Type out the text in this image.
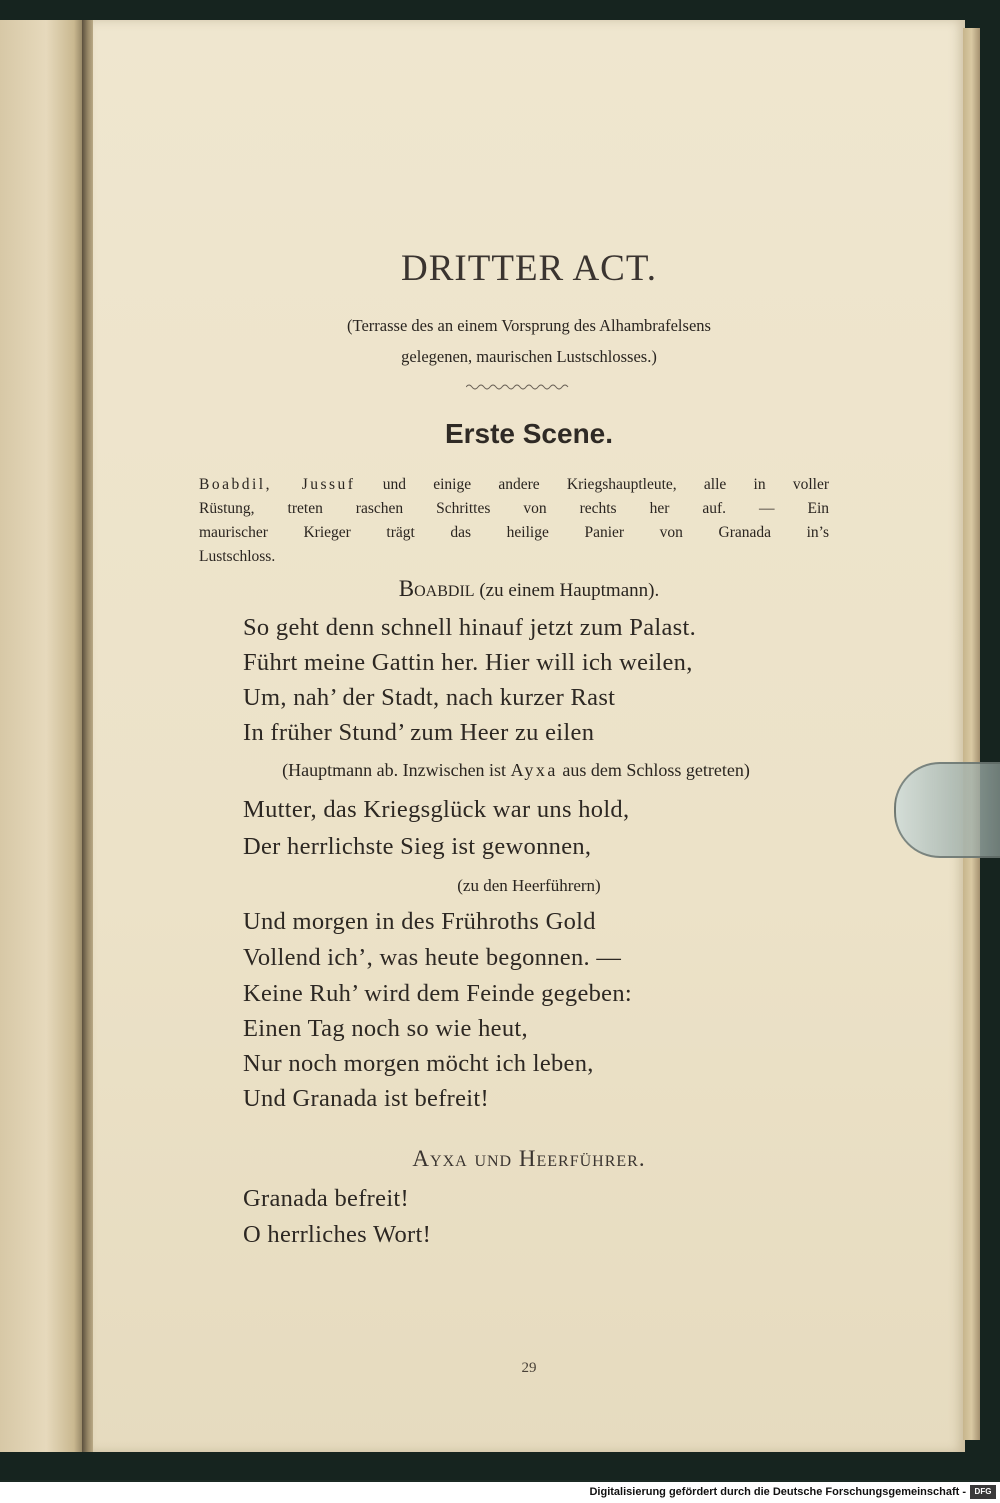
DRITTER ACT.
(Terrasse des an einem Vorsprung des Alhambrafelsens
gelegenen, maurischen Lustschlosses.)
Erste Scene.
Boabdil, Jussuf und einige andere Kriegshauptleute, alle in voller
Rüstung, treten raschen Schrittes von rechts her auf. — Ein
maurischer Krieger trägt das heilige Panier von Granada in’s
Lustschloss.
Boabdil (zu einem Hauptmann).
So geht denn schnell hinauf jetzt zum Palast.
Führt meine Gattin her. Hier will ich weilen,
Um, nah’ der Stadt, nach kurzer Rast
In früher Stund’ zum Heer zu eilen
(Hauptmann ab. Inzwischen ist Ayxa aus dem Schloss getreten)
Mutter, das Kriegsglück war uns hold,
Der herrlichste Sieg ist gewonnen,
(zu den Heerführern)
Und morgen in des Frühroths Gold
Vollend ich’, was heute begonnen. —
Keine Ruh’ wird dem Feinde gegeben:
Einen Tag noch so wie heut,
Nur noch morgen möcht ich leben,
Und Granada ist befreit!
Ayxa und Heerführer.
Granada befreit!
O herrliches Wort!
29
Digitalisierung gefördert durch die Deutsche Forschungsgemeinschaft -	DFG
